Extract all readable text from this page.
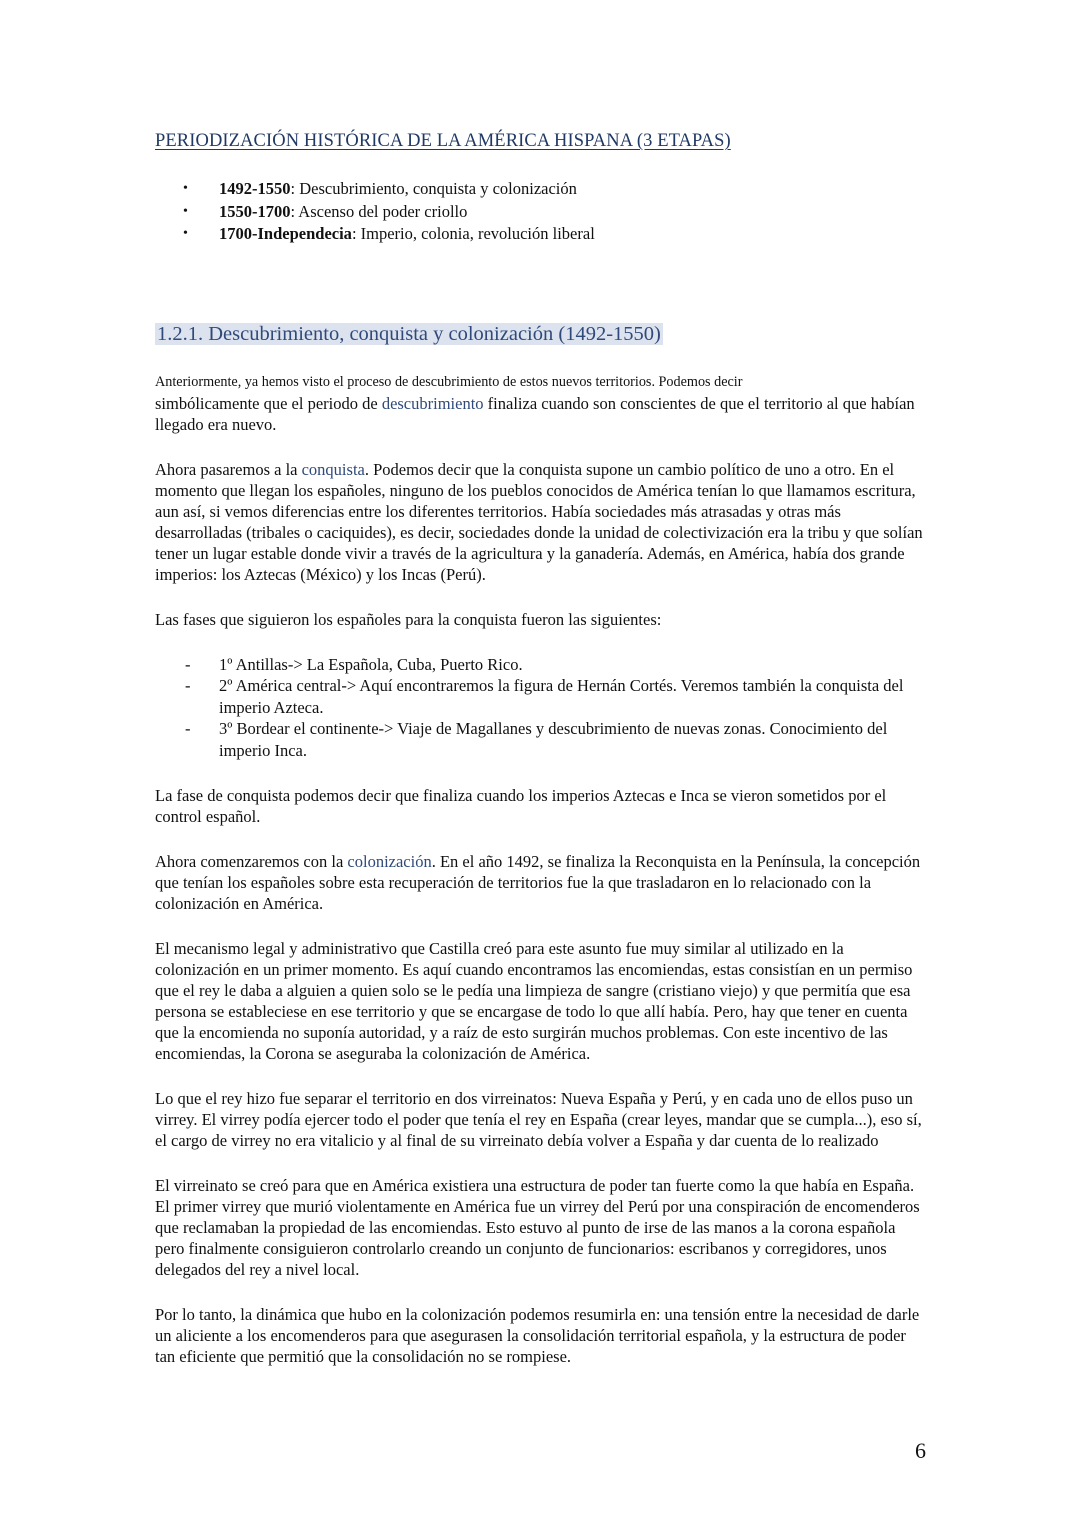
PERIODIZACIÓN HISTÓRICA DE LA AMÉRICA HISPANA (3 ETAPAS)
• 1492-1550: Descubrimiento, conquista y colonización
• 1550-1700: Ascenso del poder criollo
• 1700-Independecia: Imperio, colonia, revolución liberal
1.2.1. Descubrimiento, conquista y colonización (1492-1550)

Anteriormente, ya hemos visto el proceso de descubrimiento de estos nuevos territorios. Podemos decir
simbólicamente que el periodo de descubrimiento finaliza cuando son conscientes de que el territorio al que habían llegado era nuevo.

Ahora pasaremos a la conquista. Podemos decir que la conquista supone un cambio político de uno a otro. En el momento que llegan los españoles, ninguno de los pueblos conocidos de América tenían lo que llamamos escritura, aun así, si vemos diferencias entre los diferentes territorios. Había sociedades más atrasadas y otras más desarrolladas (tribales o caciquides), es decir, sociedades donde la unidad de colectivización era la tribu y que solían tener un lugar estable donde vivir a través de la agricultura y la ganadería. Además, en América, había dos grande imperios: los Aztecas (México) y los Incas (Perú).

Las fases que siguieron los españoles para la conquista fueron las siguientes:

- 1º Antillas-> La Española, Cuba, Puerto Rico.
- 2º América central-> Aquí encontraremos la figura de Hernán Cortés. Veremos también la conquista del imperio Azteca.
- 3º Bordear el continente-> Viaje de Magallanes y descubrimiento de nuevas zonas. Conocimiento del imperio Inca.

La fase de conquista podemos decir que finaliza cuando los imperios Aztecas e Inca se vieron sometidos por el control español.

Ahora comenzaremos con la colonización. En el año 1492, se finaliza la Reconquista en la Península, la concepción que tenían los españoles sobre esta recuperación de territorios fue la que trasladaron en lo relacionado con la colonización en América.

El mecanismo legal y administrativo que Castilla creó para este asunto fue muy similar al utilizado en la colonización en un primer momento. Es aquí cuando encontramos las encomiendas, estas consistían en un permiso que el rey le daba a alguien a quien solo se le pedía una limpieza de sangre (cristiano viejo) y que permitía que esa persona se estableciese en ese territorio y que se encargase de todo lo que allí había. Pero, hay que tener en cuenta que la encomienda no suponía autoridad, y a raíz de esto surgirán muchos problemas. Con este incentivo de las encomiendas, la Corona se aseguraba la colonización de América.

Lo que el rey hizo fue separar el territorio en dos virreinatos: Nueva España y Perú, y en cada uno de ellos puso un virrey. El virrey podía ejercer todo el poder que tenía el rey en España (crear leyes, mandar que se cumpla...), eso sí, el cargo de virrey no era vitalicio y al final de su virreinato debía volver a España y dar cuenta de lo realizado

El virreinato se creó para que en América existiera una estructura de poder tan fuerte como la que había en España. El primer virrey que murió violentamente en América fue un virrey del Perú por una conspiración de encomenderos que reclamaban la propiedad de las encomiendas. Esto estuvo al punto de irse de las manos a la corona española pero finalmente consiguieron controlarlo creando un conjunto de funcionarios: escribanos y corregidores, unos delegados del rey a nivel local.

Por lo tanto, la dinámica que hubo en la colonización podemos resumirla en: una tensión entre la necesidad de darle un aliciente a los encomenderos para que asegurasen la consolidación territorial española, y la estructura de poder tan eficiente que permitió que la consolidación no se rompiese.

6
